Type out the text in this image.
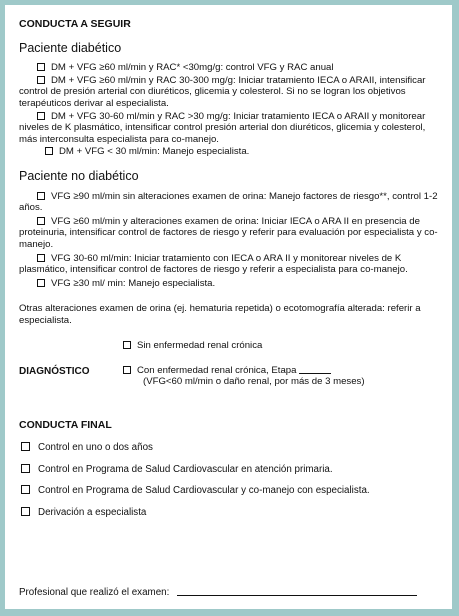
CONDUCTA A SEGUIR
Paciente diabético
DM + VFG ≥60 ml/min y RAC* <30mg/g: control VFG y RAC anual
DM + VFG ≥60 ml/min y RAC 30-300 mg/g: Iniciar tratamiento IECA o ARAII, intensificar control de presión arterial con diuréticos, glicemia y colesterol. Si no se logran los objetivos terapéuticos derivar al especialista.
DM + VFG 30-60 ml/min y RAC >30 mg/g: Iniciar tratamiento IECA o ARAII y monitorear niveles de K plasmático, intensificar control presión arterial don diuréticos, glicemia y colesterol, más interconsulta especialista para co-manejo.
DM + VFG < 30 ml/min: Manejo especialista.
Paciente no diabético
VFG ≥90 ml/min sin alteraciones examen de orina: Manejo factores de riesgo**, control 1-2 años.
VFG ≥60 ml/min y alteraciones examen de orina: Iniciar IECA o ARA II en presencia de proteinuria, intensificar control de factores de riesgo y referir para evaluación por especialista y co-manejo.
VFG 30-60 ml/min: Iniciar tratamiento con IECA o ARA II y monitorear niveles de K plasmático, intensificar control de factores de riesgo y referir a especialista para co-manejo.
VFG ≥30 ml/ min: Manejo especialista.
Otras alteraciones examen de orina (ej. hematuria repetida) o ecotomografía alterada: referir a especialista.
DIAGNÓSTICO
Sin enfermedad renal crónica
Con enfermedad renal crónica, Etapa
(VFG<60 ml/min o daño renal, por más de 3 meses)
CONDUCTA FINAL
Control en uno o dos años
Control en Programa de Salud Cardiovascular en atención primaria.
Control en Programa de Salud Cardiovascular y co-manejo con especialista.
Derivación a especialista
Profesional que realizó el examen:
